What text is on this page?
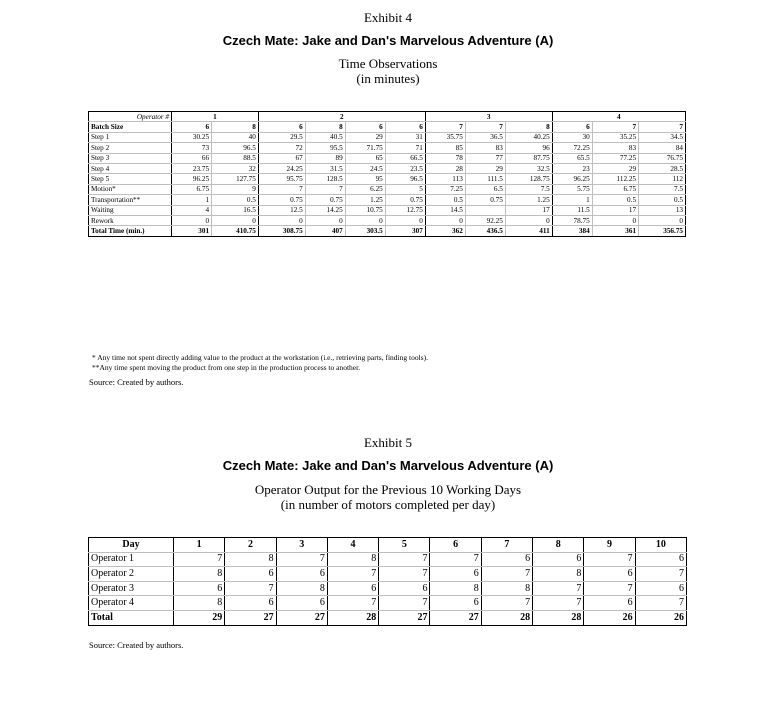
Exhibit 4
Czech Mate: Jake and Dan's Marvelous Adventure (A)
Time Observations
(in minutes)
Operator #	1		2				3			4		
Batch Size	6	8	6	8	6	6	7	7	8	6	7	7
Step 1	30.25	40	29.5	40.5	29	31	35.75	36.5	40.25	30	35.25	34.5
Step 2	73	96.5	72	95.5	71.75	71	85	83	96	72.25	83	84
Step 3	66	88.5	67	89	65	66.5	78	77	87.75	65.5	77.25	76.75
Step 4	23.75	32	24.25	31.5	24.5	23.5	28	29	32.5	23	29	28.5
Step 5	96.25	127.75	95.75	128.5	95	96.5	113	111.5	128.75	96.25	112.25	112
Motion*	6.75	9	7	7	6.25	5	7.25	6.5	7.5	5.75	6.75	7.5
Transportation**	1	0.5	0.75	0.75	1.25	0.75	0.5	0.75	1.25	1	0.5	0.5
Waiting	4	16.5	12.5	14.25	10.75	12.75	14.5		17	11.5	17	13
Rework	0	0	0	0	0	0	0	92.25	0	78.75	0	0
Total Time (min.)	301	410.75	308.75	407	303.5	307	362	436.5	411	384	361	356.75
* Any time not spent directly adding value to the product at the workstation (i.e., retrieving parts, finding tools).
**Any time spent moving the product from one step in the production process to another.
Source: Created by authors.
Exhibit 5
Czech Mate: Jake and Dan's Marvelous Adventure (A)
Operator Output for the Previous 10 Working Days
(in number of motors completed per day)
Day	1	2	3	4	5	6	7	8	9	10
Operator 1	7	8	7	8	7	7	6	6	7	6
Operator 2	8	6	6	7	7	6	7	8	6	7
Operator 3	6	7	8	6	6	8	8	7	7	6
Operator 4	8	6	6	7	7	6	7	7	6	7
Total	29	27	27	28	27	27	28	28	26	26
Source: Created by authors.
